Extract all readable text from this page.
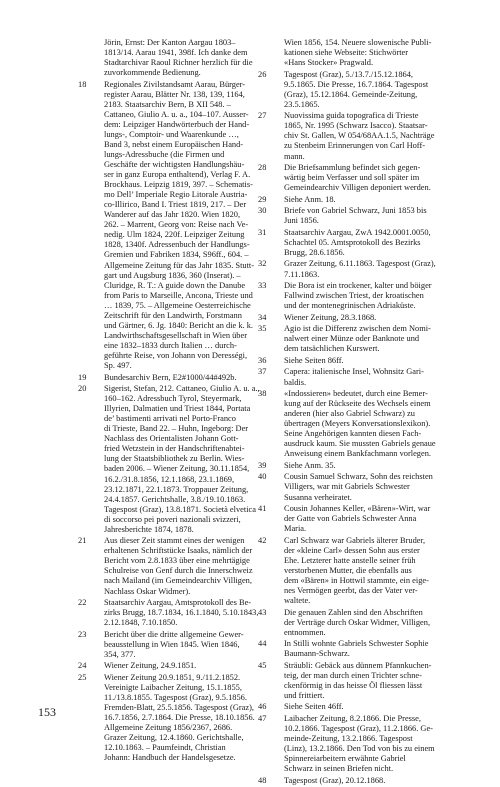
Jörin, Ernst: Der Kanton Aargau 1803–
1813/14. Aarau 1941, 398f. Ich danke dem
Stadtarchivar Raoul Richner herzlich für die
zuvorkommende Bedienung.
18	Regionales Zivilstandsamt Aarau, Bürger-
register Aarau, Blätter Nr. 138, 139, 1164,
2183. Staatsarchiv Bern, B XII 548. –
Cattaneo, Giulio A. u. a., 104–107. Ausser-
dem: Leipziger Handwörterbuch der Hand-
lungs-, Comptoir- und Waarenkunde …,
Band 3, nebst einem Europäischen Hand-
lungs-Adressbuche (die Firmen und
Geschäfte der wichtigsten Handlungshäu-
ser in ganz Europa enthaltend), Verlag F. A.
Brockhaus. Leipzig 1819, 397. – Schematis-
mo Dell’ Imperiale Regio Litorale Austria-
co-Illirico, Band I. Triest 1819, 217. – Der
Wanderer auf das Jahr 1820. Wien 1820,
262. – Marrent, Georg von: Reise nach Ve-
nedig. Ulm 1824, 220f. Leipziger Zeitung
1828, 1340f. Adressenbuch der Handlungs-
Gremien und Fabriken 1834, S96ff., 604. –
Allgemeine Zeitung für das Jahr 1835. Stutt-
gart und Augsburg 1836, 360 (Inserat). –
Cluridge, R. T.: A guide down the Danube
from Paris to Marseille, Ancona, Trieste und
… 1839, 75. – Allgemeine Oesterreichische
Zeitschrift für den Landwirth, Forstmann
und Gärtner, 6. Jg. 1840: Bericht an die k. k.
Landwirthschaftsgesellschaft in Wien über
eine 1832–1833 durch Italien … durch-
geführte Reise, von Johann von Derességi,
Sp. 497.
19	Bundesarchiv Bern, E2#1000/44#492b.
20	Sigerist, Stefan, 212. Cattaneo, Giulio A. u. a.,
160–162. Adressbuch Tyrol, Steyermark,
Illyrien, Dalmatien und Triest 1844, Portata
de’ bastimenti arrivati nel Porto-Franco
di Trieste, Band 22. – Huhn, Ingeborg: Der
Nachlass des Orientalisten Johann Gott-
fried Wetzstein in der Handschriftenabtei-
lung der Staatsbibliothek zu Berlin. Wies-
baden 2006. – Wiener Zeitung, 30.11.1854,
16.2./31.8.1856, 12.1.1868, 23.1.1869,
23.12.1871, 22.1.1873. Troppauer Zeitung,
24.4.1857. Gerichtshalle, 3.8./19.10.1863.
Tagespost (Graz), 13.8.1871. Società elvetica
di soccorso pei poveri nazionali svizzeri,
Jahresberichte 1874, 1878.
21	Aus dieser Zeit stammt eines der wenigen
erhaltenen Schriftstücke Isaaks, nämlich der
Bericht vom 2.8.1833 über eine mehrtägige
Schulreise von Genf durch die Innerschweiz
nach Mailand (im Gemeindearchiv Villigen,
Nachlass Oskar Widmer).
22	Staatsarchiv Aargau, Amtsprotokoll des Be-
zirks Brugg, 18.7.1834, 16.1.1840, 5.10.1843,
2.12.1848, 7.10.1850.
23	Bericht über die dritte allgemeine Gewer-
beausstellung in Wien 1845. Wien 1846,
354, 377.
24	Wiener Zeitung, 24.9.1851.
25	Wiener Zeitung 20.9.1851, 9./11.2.1852.
Vereinigte Laibacher Zeitung, 15.1.1855,
11./13.8.1855. Tagespost (Graz), 9.5.1856.
Fremden-Blatt, 25.5.1856. Tagespost (Graz),
16.7.1856, 2.7.1864. Die Presse, 18.10.1856.
Allgemeine Zeitung 1856/2367, 2686.
Grazer Zeitung, 12.4.1860. Gerichtshalle,
12.10.1863. – Paumfeindt, Christian
Johann: Handbuch der Handelsgesetze.
Wien 1856, 154. Neuere slowenische Publi-
kationen siehe Webseite: Stichwörter
«Hans Stocker» Pragwald.
26	Tagespost (Graz), 5./13.7./15.12.1864,
9.5.1865. Die Presse, 16.7.1864. Tagespost
(Graz), 15.12.1864. Gemeinde-Zeitung,
23.5.1865.
27	Nuovissima guida topografica di Trieste
1865, Nr. 1995 (Schwarz Isacco). Staatsar-
chiv St. Gallen, W 054/68AA.1.5, Nachträge
zu Stenbeim Erinnerungen von Carl Hoff-
mann.
28	Die Briefsammlung befindet sich gegen-
wärtig beim Verfasser und soll später im
Gemeindearchiv Villigen deponiert werden.
29	Siehe Anm. 18.
30	Briefe von Gabriel Schwarz, Juni 1853 bis
Juni 1856.
31	Staatsarchiv Aargau, ZwA 1942.0001.0050,
Schachtel 05. Amtsprotokoll des Bezirks
Brugg, 28.6.1856.
32	Grazer Zeitung, 6.11.1863. Tagespost (Graz),
7.11.1863.
33	Die Bora ist ein trockener, kalter und böiger
Fallwind zwischen Triest, der kroatischen
und der montenegrinischen Adriaküste.
34	Wiener Zeitung, 28.3.1868.
35	Agio ist die Differenz zwischen dem Nomi-
nalwert einer Münze oder Banknote und
dem tatsächlichen Kurswert.
36	Siehe Seiten 86ff.
37	Capera: italienische Insel, Wohnsitz Gari-
baldis.
38	«Indossieren» bedeutet, durch eine Bemer-
kung auf der Rückseite des Wechsels einem
anderen (hier also Gabriel Schwarz) zu
übertragen (Meyers Konversationslexikon).
Seine Angehörigen kannten diesen Fach-
ausdruck kaum. Sie mussten Gabriels genaue
Anweisung einem Bankfachmann vorlegen.
39	Siehe Anm. 35.
40	Cousin Samuel Schwarz, Sohn des reichsten
Villigers, war mit Gabriels Schwester
Susanna verheiratet.
41	Cousin Johannes Keller, «Bären»-Wirt, war
der Gatte von Gabriels Schwester Anna
Maria.
42	Carl Schwarz war Gabriels älterer Bruder,
der «kleine Carl» dessen Sohn aus erster
Ehe. Letzterer hatte anstelle seiner früh
verstorbenen Mutter, die ebenfalls aus
dem «Bären» in Hottwil stammte, ein eige-
nes Vermögen geerbt, das der Vater ver-
waltete.
43	Die genauen Zahlen sind den Abschriften
der Verträge durch Oskar Widmer, Villigen,
entnommen.
44	In Stilli wohnte Gabriels Schwester Sophie
Baumann-Schwarz.
45	Sträubli: Gebäck aus dünnem Pfannkuchen-
teig, der man durch einen Trichter schne-
ckenförmig in das heisse Öl fliessen lässt
und frittiert.
46	Siehe Seiten 46ff.
47	Laibacher Zeitung, 8.2.1866. Die Presse,
10.2.1866. Tagespost (Graz), 11.2.1866. Ge-
meinde-Zeitung, 13.2.1866. Tagespost
(Linz), 13.2.1866. Den Tod von bis zu einem
Spinnereiarbeitern erwähnte Gabriel
Schwarz in seinen Briefen nicht.
48	Tagespost (Graz), 20.12.1868.
153
